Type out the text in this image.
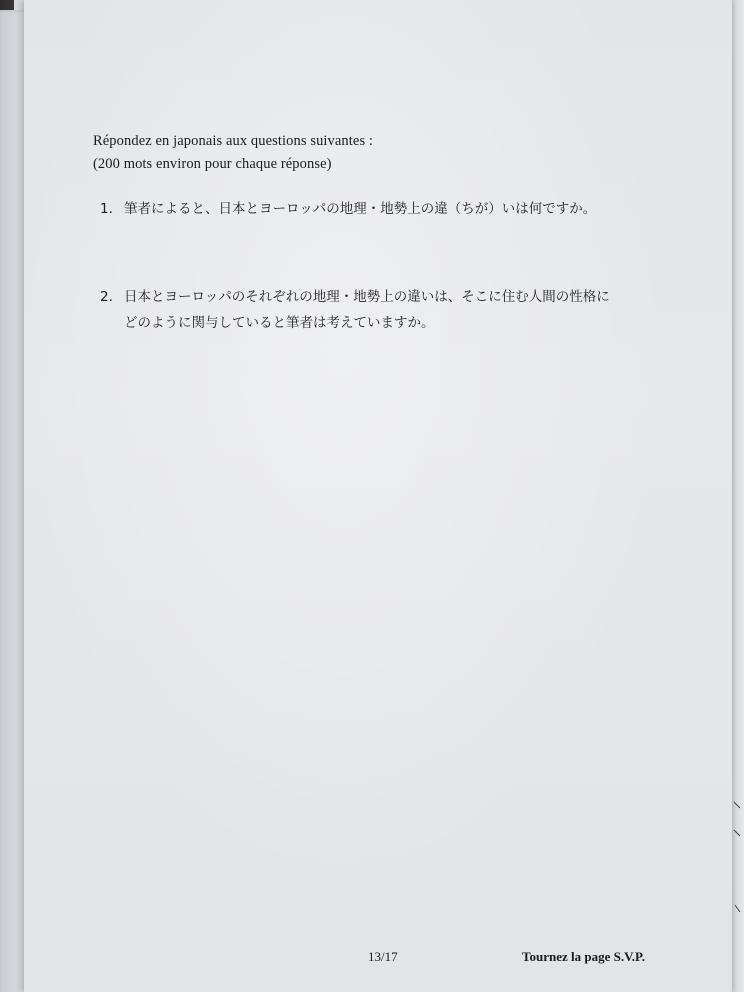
Répondez en japonais aux questions suivantes :
(200 mots environ pour chaque réponse)
1. 筆者によると、日本とヨーロッパの地理・地勢上の違（ちが）いは何ですか。
2. 日本とヨーロッパのそれぞれの地理・地勢上の違いは、そこに住む人間の性格に
どのように関与していると筆者は考えていますか。
13/17	Tournez la page S.V.P.
